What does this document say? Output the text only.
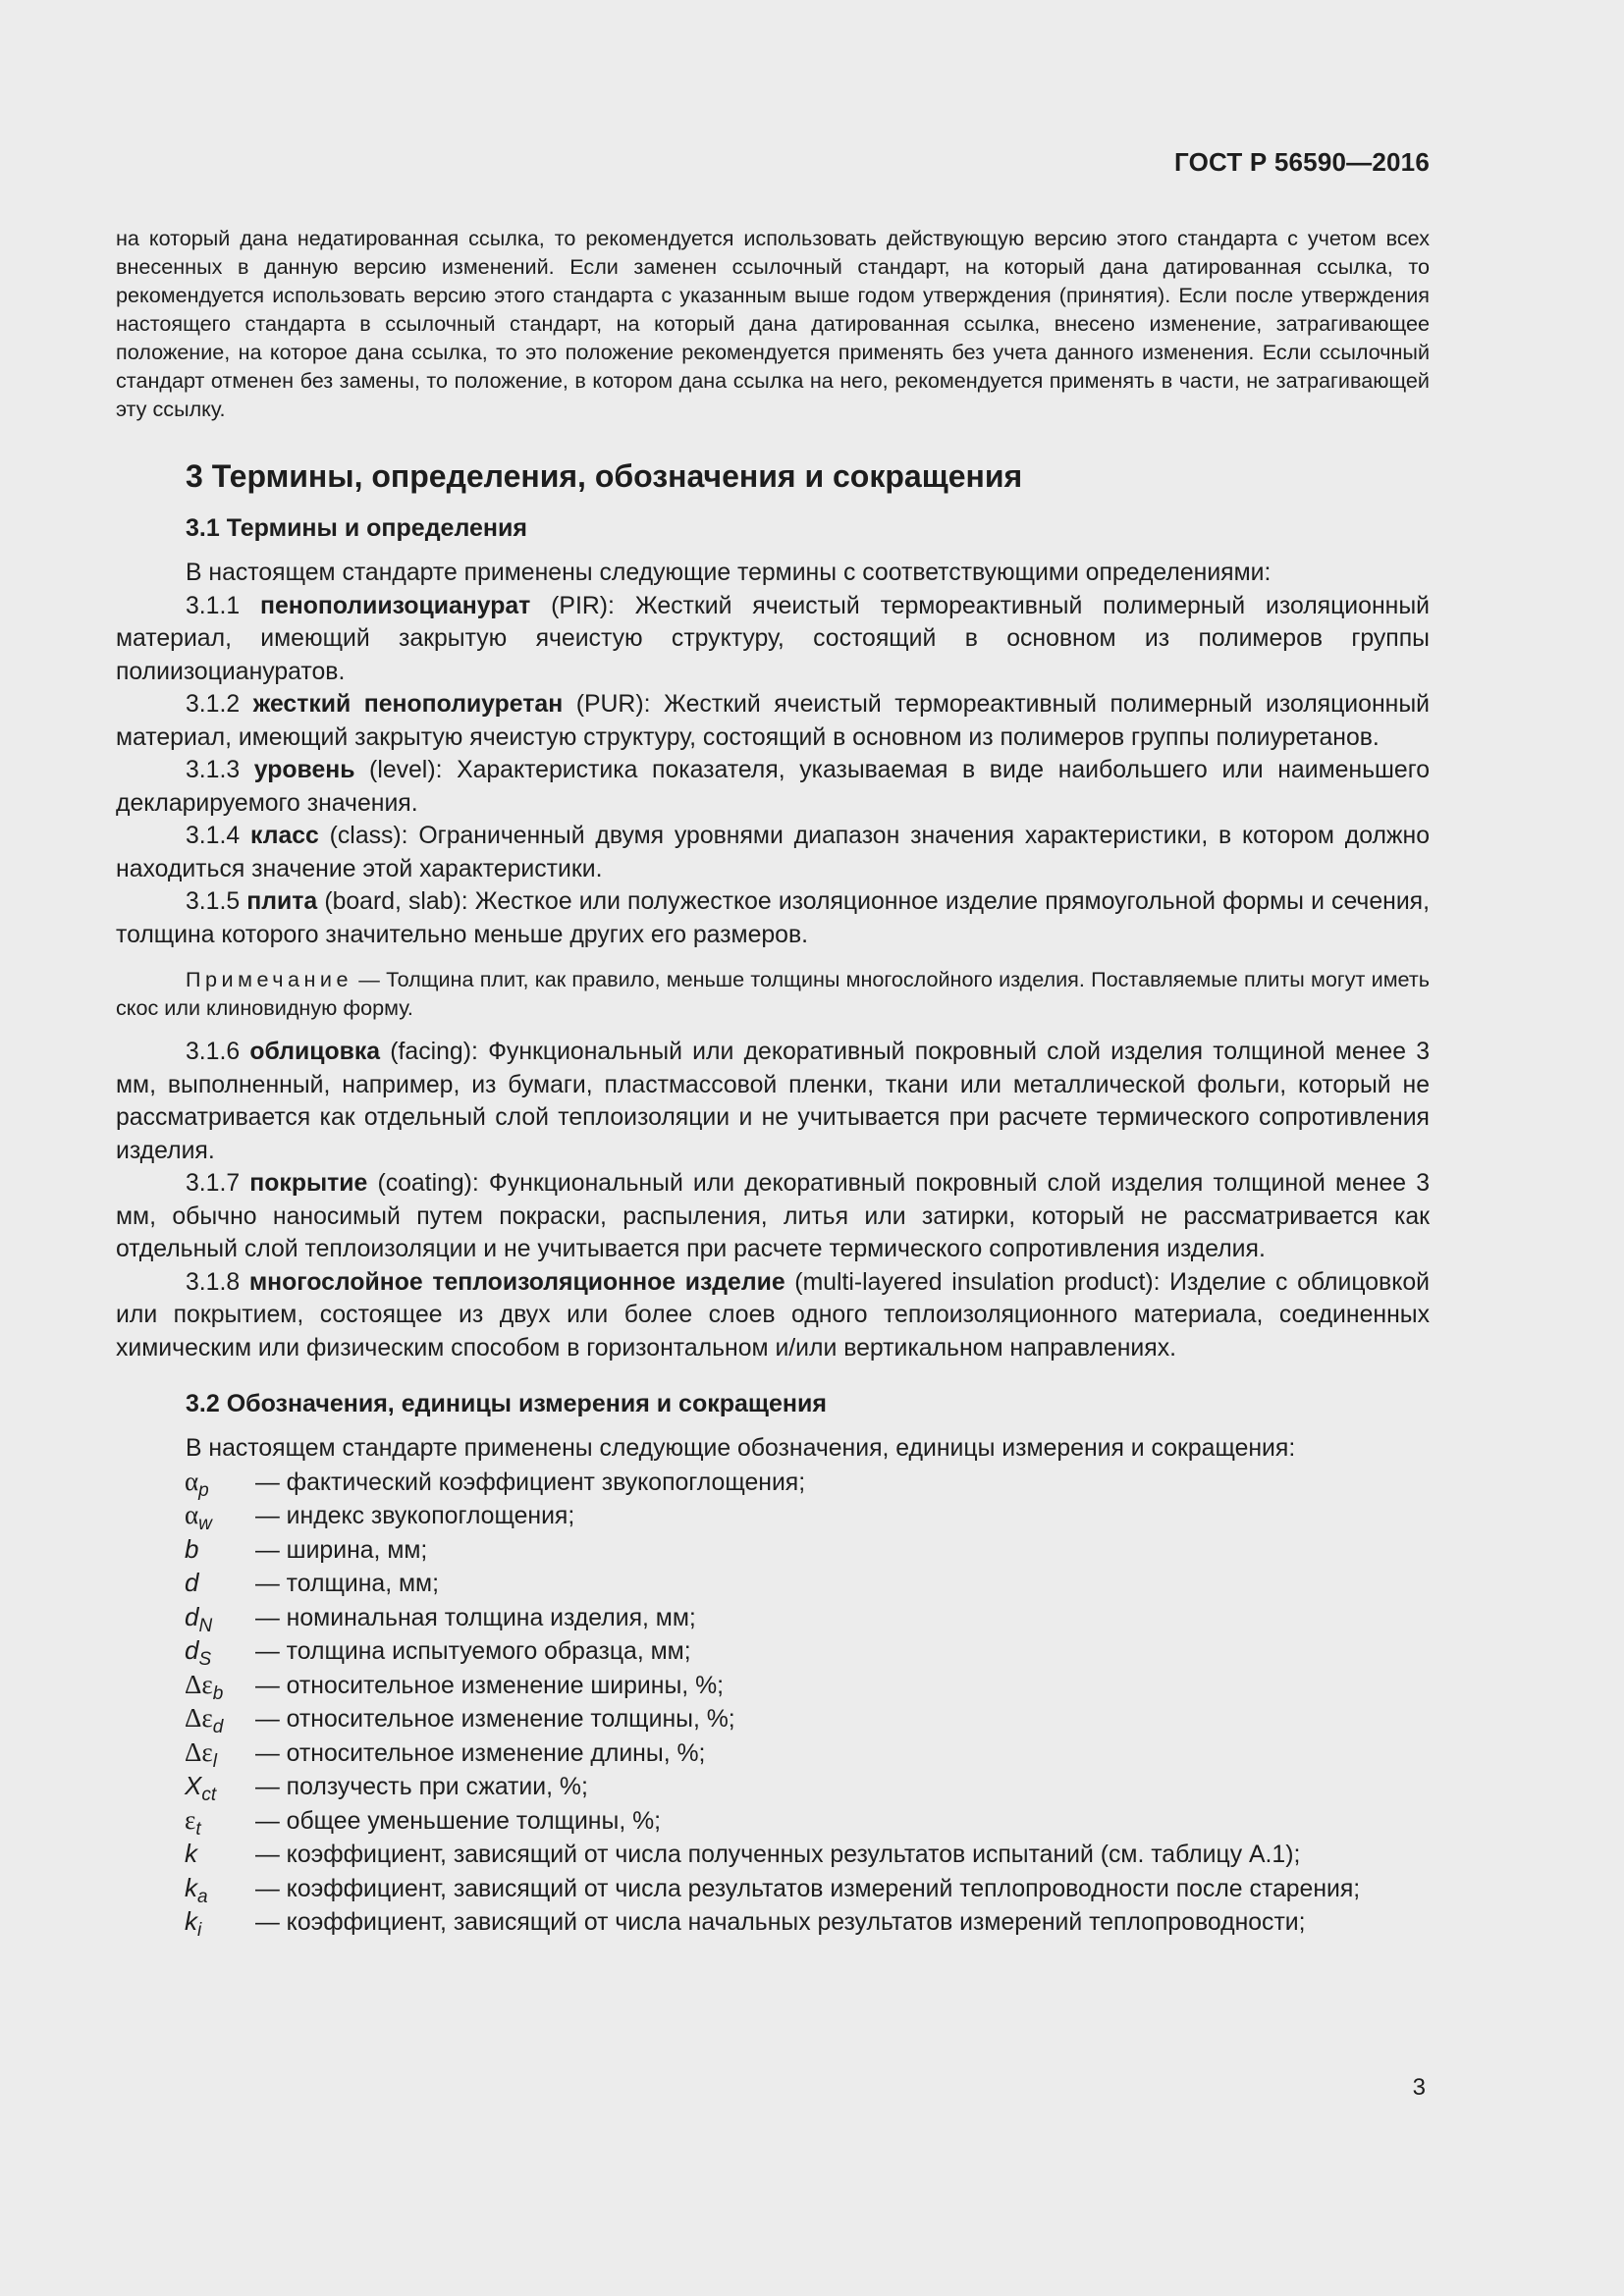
ГОСТ Р 56590—2016

на который дана недатированная ссылка, то рекомендуется использовать действующую версию этого стандарта с учетом всех внесенных в данную версию изменений. Если заменен ссылочный стандарт, на который дана датированная ссылка, то рекомендуется использовать версию этого стандарта с указанным выше годом утверждения (принятия). Если после утверждения настоящего стандарта в ссылочный стандарт, на который дана датированная ссылка, внесено изменение, затрагивающее положение, на которое дана ссылка, то это положение рекомендуется применять без учета данного изменения. Если ссылочный стандарт отменен без замены, то положение, в котором дана ссылка на него, рекомендуется применять в части, не затрагивающей эту ссылку.

3 Термины, определения, обозначения и сокращения
3.1 Термины и определения

В настоящем стандарте применены следующие термины с соответствующими определениями:

3.1.1 пенополиизоцианурат (PIR): Жесткий ячеистый термореактивный полимерный изоляционный материал, имеющий закрытую ячеистую структуру, состоящий в основном из полимеров группы полиизоциануратов.

3.1.2 жесткий пенополиуретан (PUR): Жесткий ячеистый термореактивный полимерный изоляционный материал, имеющий закрытую ячеистую структуру, состоящий в основном из полимеров группы полиуретанов.

3.1.3 уровень (level): Характеристика показателя, указываемая в виде наибольшего или наименьшего декларируемого значения.

3.1.4 класс (class): Ограниченный двумя уровнями диапазон значения характеристики, в котором должно находиться значение этой характеристики.

3.1.5 плита (board, slab): Жесткое или полужесткое изоляционное изделие прямоугольной формы и сечения, толщина которого значительно меньше других его размеров.

Примечание — Толщина плит, как правило, меньше толщины многослойного изделия. Поставляемые плиты могут иметь скос или клиновидную форму.

3.1.6 облицовка (facing): Функциональный или декоративный покровный слой изделия толщиной менее 3 мм, выполненный, например, из бумаги, пластмассовой пленки, ткани или металлической фольги, который не рассматривается как отдельный слой теплоизоляции и не учитывается при расчете термического сопротивления изделия.

3.1.7 покрытие (coating): Функциональный или декоративный покровный слой изделия толщиной менее 3 мм, обычно наносимый путем покраски, распыления, литья или затирки, который не рассматривается как отдельный слой теплоизоляции и не учитывается при расчете термического сопротивления изделия.

3.1.8 многослойное теплоизоляционное изделие (multi-layered insulation product): Изделие с облицовкой или покрытием, состоящее из двух или более слоев одного теплоизоляционного материала, соединенных химическим или физическим способом в горизонтальном и/или вертикальном направлениях.

3.2 Обозначения, единицы измерения и сокращения

В настоящем стандарте применены следующие обозначения, единицы измерения и сокращения:

$\alpha_p$	— фактический коэффициент звукопоглощения;
$\alpha_w$	— индекс звукопоглощения;
b	— ширина, мм;
d	— толщина, мм;
$d_N$	— номинальная толщина изделия, мм;
$d_S$	— толщина испытуемого образца, мм;
$\Delta\varepsilon_b$	— относительное изменение ширины, %;
$\Delta\varepsilon_d$	— относительное изменение толщины, %;
$\Delta\varepsilon_l$	— относительное изменение длины, %;
$X_{ct}$	— ползучесть при сжатии, %;
$\varepsilon_t$	— общее уменьшение толщины, %;
k	— коэффициент, зависящий от числа полученных результатов испытаний (см. таблицу А.1);
$k_a$	— коэффициент, зависящий от числа результатов измерений теплопроводности после старения;
$k_i$	— коэффициент, зависящий от числа начальных результатов измерений теплопроводности;
3
